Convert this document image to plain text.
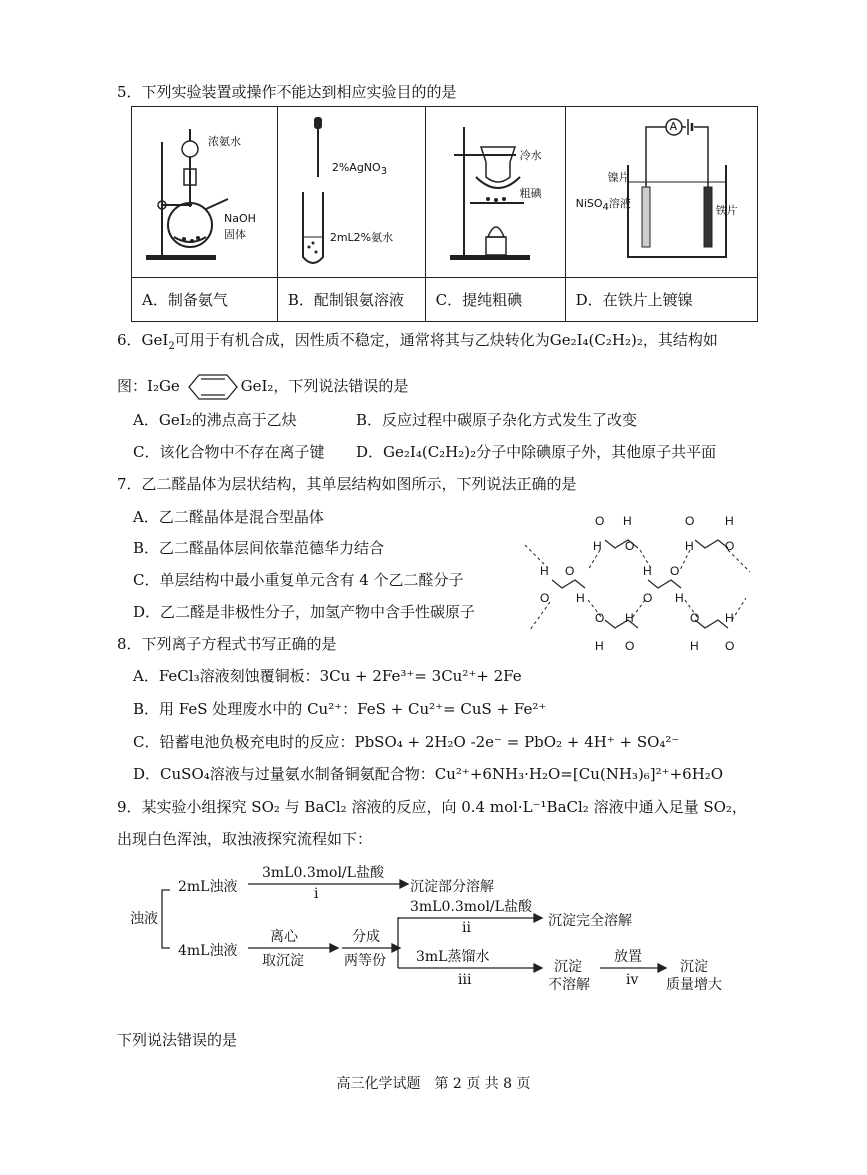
5．下列实验装置或操作不能达到相应实验目的的是
浓氨水
NaOH
固体	2%AgNO$_3$
2mL2%氨水	冷水
粗碘	A
镍片
NiSO$_4$溶液
铁片

A．制备氨气	B．配制银氨溶液	C．提纯粗碘	D．在铁片上镀镍
6．GeI$_2$可用于有机合成，因性质不稳定，通常将其与乙炔转化为Ge₂I₄(C₂H₂)₂，其结构如
图：I₂Ge	GeI₂，下列说法错误的是
A．GeI₂的沸点高于乙炔	B．反应过程中碳原子杂化方式发生了改变
C．该化合物中不存在离子键 D．Ge₂I₄(C₂H₂)₂分子中除碘原子外，其他原子共平面
7．乙二醛晶体为层状结构，其单层结构如图所示，下列说法正确的是
A．乙二醛晶体是混合型晶体
B．乙二醛晶体层间依靠范德华力结合
C．单层结构中最小重复单元含有 4 个乙二醛分子
D．乙二醛是非极性分子，加氢产物中含手性碳原子
O H
H O
O	H
H	O
H O
O H
H O
O H
O H
H O
O H
H O
8．下列离子方程式书写正确的是
A．FeCl₃溶液刻蚀覆铜板：3Cu + 2Fe³⁺= 3Cu²⁺+ 2Fe
B．用 FeS 处理废水中的 Cu²⁺：FeS + Cu²⁺= CuS + Fe²⁺
C．铅蓄电池负极充电时的反应：PbSO₄ + 2H₂O -2e⁻ = PbO₂ + 4H⁺ + SO₄²⁻
D．CuSO₄溶液与过量氨水制备铜氨配合物：Cu²⁺+6NH₃·H₂O=[Cu(NH₃)₆]²⁺+6H₂O
9．某实验小组探究 SO₂ 与 BaCl₂ 溶液的反应，向 0.4 mol·L⁻¹BaCl₂ 溶液中通入足量 SO₂，
出现白色浑浊，取浊液探究流程如下：
浊液
2mL浊液
3mL0.3mol/L盐酸
i	沉淀部分溶解
4mL浊液
离心
取沉淀
分成
两等份
3mL0.3mol/L盐酸
ii	沉淀完全溶解
3mL蒸馏水
iii
沉淀
不溶解
放置
iv
沉淀
质量增大
下列说法错误的是
高三化学试题　第 2 页 共 8 页
